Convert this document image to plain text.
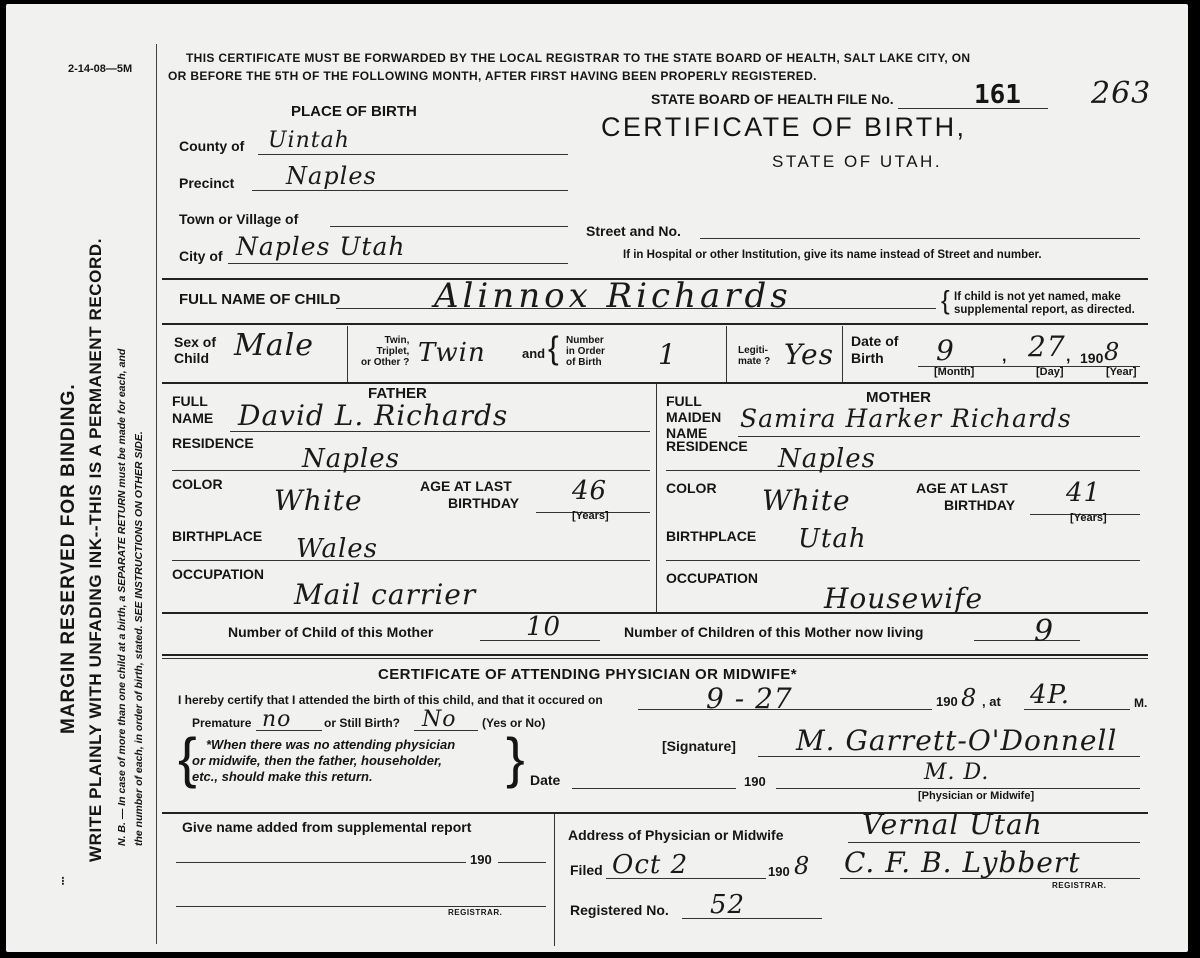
2-14-08—5M
MARGIN RESERVED FOR BINDING. WRITE PLAINLY WITH UNFADING INK--THIS IS A PERMANENT RECORD. N. B. — In case of more than one child at a birth, a SEPARATE RETURN must be made for each, and the number of each, in order of birth, stated. SEE INSTRUCTIONS ON OTHER SIDE.
⁝
THIS CERTIFICATE MUST BE FORWARDED BY THE LOCAL REGISTRAR TO THE STATE BOARD OF HEALTH, SALT LAKE CITY, ON
OR BEFORE THE 5TH OF THE FOLLOWING MONTH, AFTER FIRST HAVING BEEN PROPERLY REGISTERED.
STATE BOARD OF HEALTH FILE No.	161 263
CERTIFICATE OF BIRTH,
STATE OF UTAH.
PLACE OF BIRTH
County of Uintah
Precinct Naples
Town or Village of
Street and No.
City of Naples Utah	If in Hospital or other Institution, give its name instead of Street and number.
FULL NAME OF CHILD	Alinnox Richards	{ If child is not yet named, make
supplemental report, as directed.
Sex of
Child Male	Twin,
Triplet,
or Other ? Twin	and { Number
in Order
of Birth 1	Legiti-
mate ? Yes Date of
Birth	9	, 27 , 190 8
[Month]	[Day]	[Year]
FATHER
FULL
NAME David L. Richards
RESIDENCE
Naples
COLOR White	AGE AT LAST
BIRTHDAY 46
[Years]
BIRTHPLACE Wales
OCCUPATION
Mail carrier
MOTHER
FULL
MAIDEN
NAME	Samira Harker Richards
RESIDENCE Naples
COLOR White	AGE AT LAST
BIRTHDAY 41
[Years]
BIRTHPLACE Utah
OCCUPATION
Housewife
Number of Child of this Mother	10	Number of Children of this Mother now living	9
CERTIFICATE OF ATTENDING PHYSICIAN OR MIDWIFE*
I hereby certify that I attended the birth of this child, and that it occured on	9 - 27	190 8 , at 4P.	M.
Premature no	or Still Birth? No (Yes or No)
{ *When there was no attending physician
or midwife, then the father, householder,
etc., should make this return.	}	[Signature] M. Garrett-O'Donnell
M. D.
Date	190
[Physician or Midwife]
Give name added from supplemental report
190
REGISTRAR.
Address of Physician or Midwife	Vernal Utah
Filed Oct 2	190 8 C. F. B. Lybbert
REGISTRAR.
Registered No. 52
